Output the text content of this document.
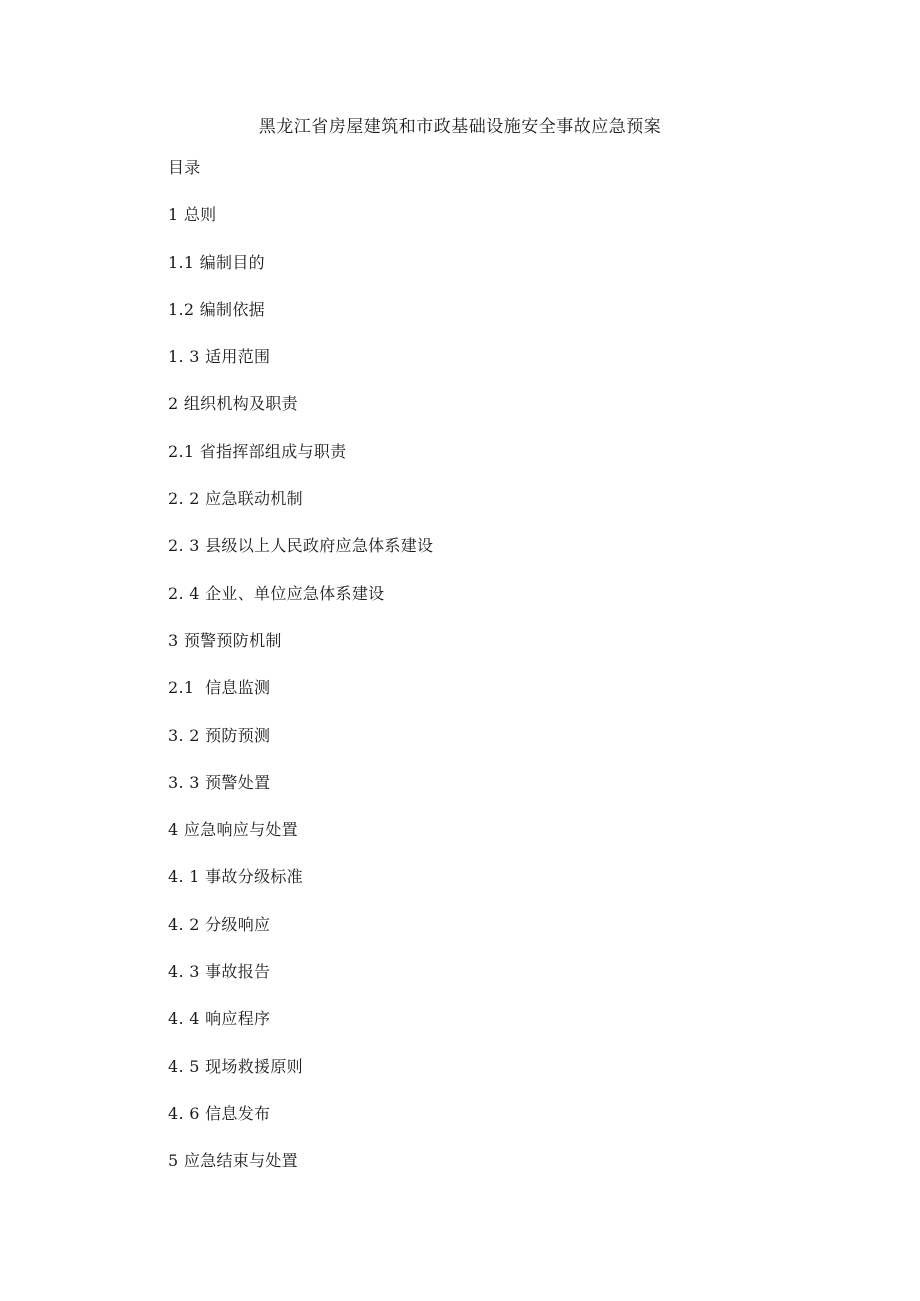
黑龙江省房屋建筑和市政基础设施安全事故应急预案
目录
1 总则
1.1 编制目的
1.2 编制依据
1. 3 适用范围
2 组织机构及职责
2.1 省指挥部组成与职责
2. 2 应急联动机制
2. 3 县级以上人民政府应急体系建设
2. 4 企业、单位应急体系建设
3 预警预防机制
2.1  信息监测
3. 2 预防预测
3. 3 预警处置
4 应急响应与处置
4. 1 事故分级标准
4. 2 分级响应
4. 3 事故报告
4. 4 响应程序
4. 5 现场救援原则
4. 6 信息发布
5 应急结束与处置
